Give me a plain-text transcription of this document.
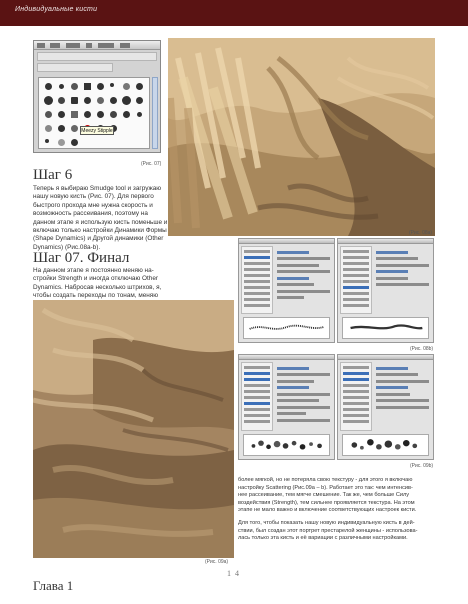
Индивидуальные кисти
Meezy Stipple
(Рис. 07)
Шаг 6
Теперь я выбираю Smudge tool и загружаю
нашу новую кисть (Рис. 07). Для первого
быстрого прохода мне нужна скорость и
возможность рассеивания, поэтому на
данном этапе я использую кисть поменьше и
включаю только настройки Динамики Формы
(Shape Dynamics) и Другой динамики (Other
Dynamics) (Рис.08a-b).
Шаг 07. Финал
На данном этапе я постоянно меняю на-
стройки Strength и иногда отключаю Other
Dynamics. Набросав несколько штрихов, я,
чтобы создать переходы по тонам, меняю
(Рис. 08a)
(Рис. 08b)
(Рис. 09a)
(Рис. 09b)
более мягкой, но не потеряла свою текстуру - для этого я включаю
настройку Scattering (Рис.09a – b). Работает это так: чем интенсив-
нее рассеивание, тем мягче смешение. Так же, чем больше Силу
воздействия (Strength), тем сильнее проявляется текстура. На этом
этапе не мало важно и включение соответствующих настроек кисти.
Для того, чтобы показать нашу новую индивидуальную кисть в дей-
ствии, был создан этот портрет престарелой женщины - использова-
лась только эта кисть и её вариации с различными настройками.
1 4
Глава 1
